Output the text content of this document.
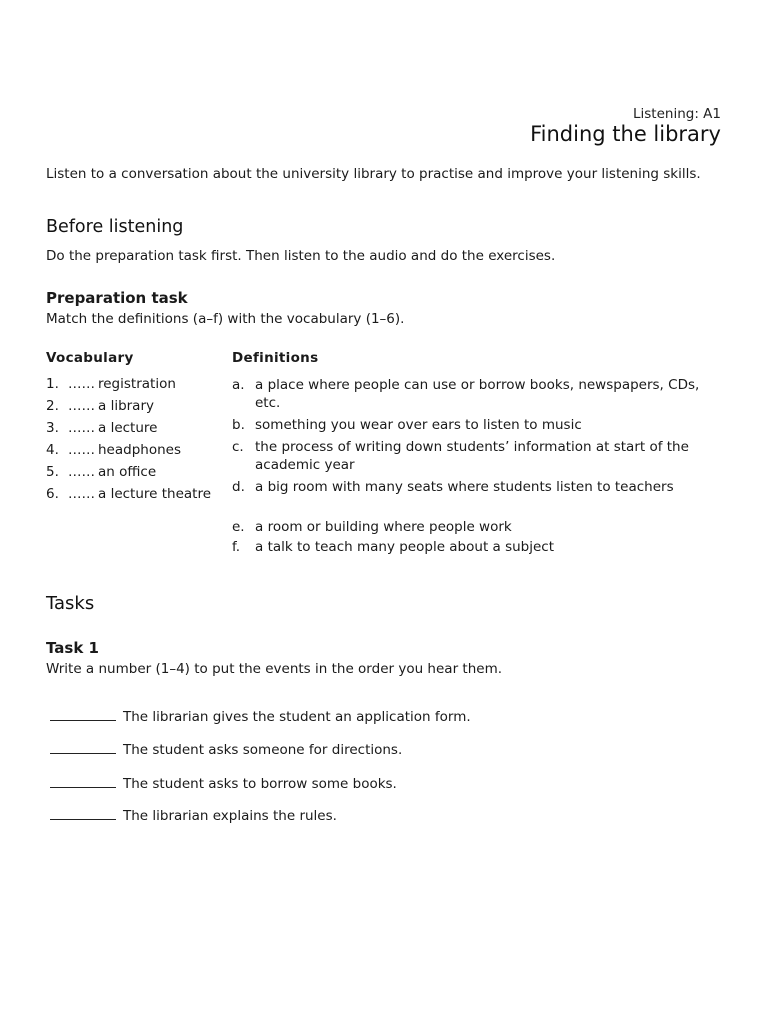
Listening: A1
Finding the library
Listen to a conversation about the university library to practise and improve your listening skills.
Before listening
Do the preparation task first. Then listen to the audio and do the exercises.
Preparation task
Match the definitions (a–f) with the vocabulary (1–6).
Vocabulary	Definitions
1. …… registration
2. …… a library
3. …… a lecture
4. …… headphones
5. …… an office
6. …… a lecture theatre
a. a place where people can use or borrow books, newspapers, CDs, etc.
b. something you wear over ears to listen to music
c. the process of writing down students’ information at start of the academic year
d. a big room with many seats where students listen to teachers
e. a room or building where people work
f. a talk to teach many people about a subject
Tasks
Task 1
Write a number (1–4) to put the events in the order you hear them.
The librarian gives the student an application form.
The student asks someone for directions.
The student asks to borrow some books.
The librarian explains the rules.
